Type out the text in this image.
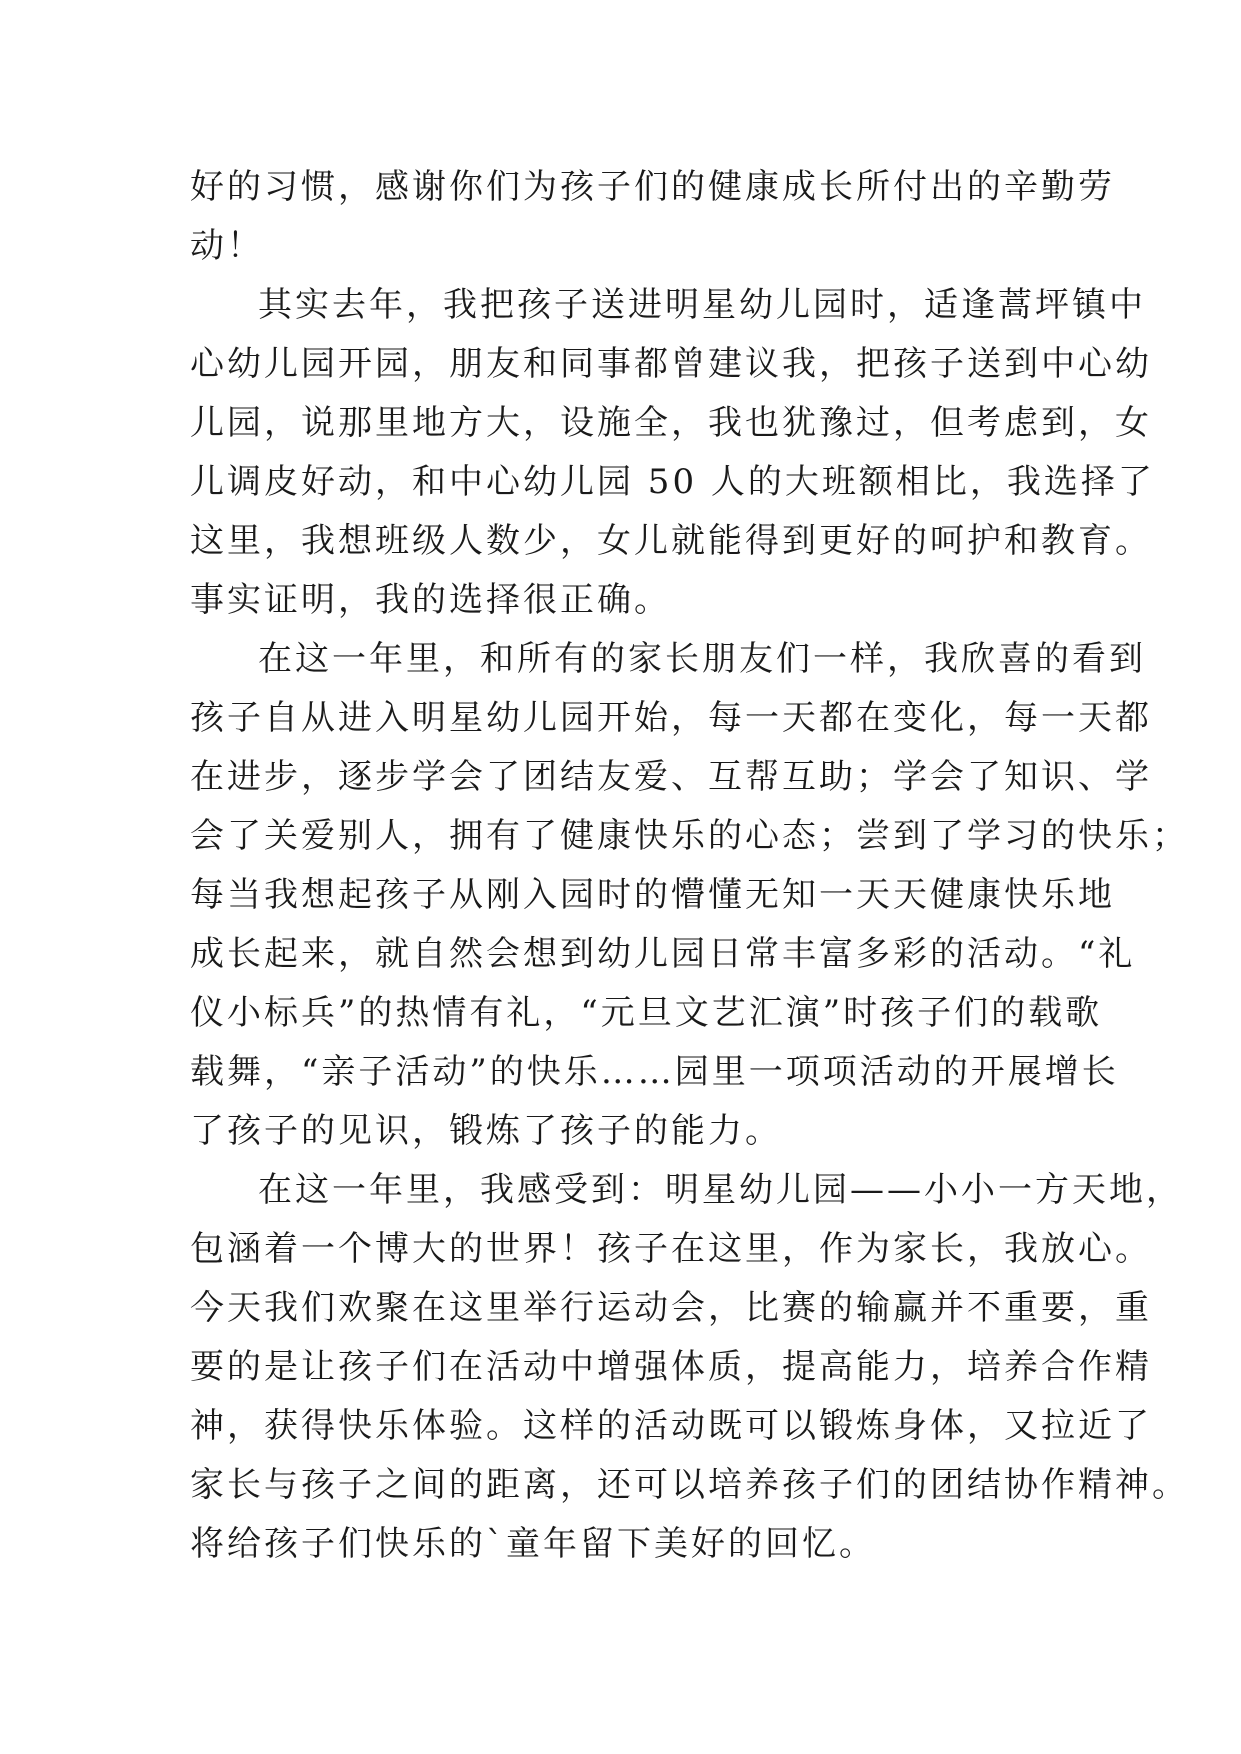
好的习惯，感谢你们为孩子们的健康成长所付出的辛勤劳
动！
其实去年，我把孩子送进明星幼儿园时，适逢蒿坪镇中
心幼儿园开园，朋友和同事都曾建议我，把孩子送到中心幼
儿园，说那里地方大，设施全，我也犹豫过，但考虑到，女
儿调皮好动，和中心幼儿园 50 人的大班额相比，我选择了
这里，我想班级人数少，女儿就能得到更好的呵护和教育。
事实证明，我的选择很正确。
在这一年里，和所有的家长朋友们一样，我欣喜的看到
孩子自从进入明星幼儿园开始，每一天都在变化，每一天都
在进步，逐步学会了团结友爱、互帮互助；学会了知识、学
会了关爱别人，拥有了健康快乐的心态；尝到了学习的快乐；
每当我想起孩子从刚入园时的懵懂无知一天天健康快乐地
成长起来，就自然会想到幼儿园日常丰富多彩的活动。“礼
仪小标兵”的热情有礼，“元旦文艺汇演”时孩子们的载歌
载舞，“亲子活动”的快乐……园里一项项活动的开展增长
了孩子的见识，锻炼了孩子的能力。
在这一年里，我感受到：明星幼儿园——小小一方天地，
包涵着一个博大的世界！孩子在这里，作为家长，我放心。
今天我们欢聚在这里举行运动会，比赛的输赢并不重要，重
要的是让孩子们在活动中增强体质，提高能力，培养合作精
神，获得快乐体验。这样的活动既可以锻炼身体，又拉近了
家长与孩子之间的距离，还可以培养孩子们的团结协作精神。
将给孩子们快乐的`童年留下美好的回忆。
